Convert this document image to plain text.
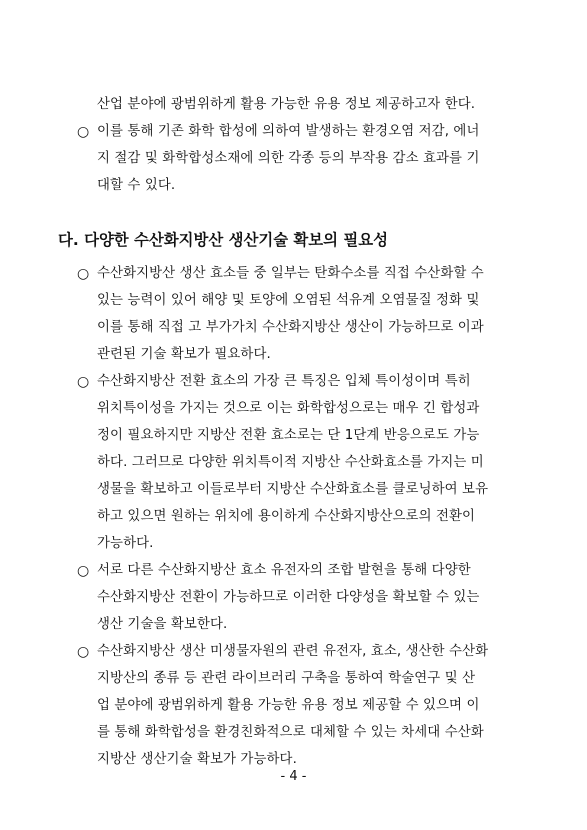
산업 분야에 광범위하게 활용 가능한 유용 정보 제공하고자 한다.
○ 이를 통해 기존 화학 합성에 의하여 발생하는 환경오염 저감, 에너
지 절감 및 화학합성소재에 의한 각종 등의 부작용 감소 효과를 기
대할 수 있다.
다. 다양한 수산화지방산 생산기술 확보의 필요성
○ 수산화지방산 생산 효소들 중 일부는 탄화수소를 직접 수산화할 수
있는 능력이 있어 해양 및 토양에 오염된 석유계 오염물질 정화 및
이를 통해 직접 고 부가가치 수산화지방산 생산이 가능하므로 이과
관련된 기술 확보가 필요하다.
○ 수산화지방산 전환 효소의 가장 큰 특징은 입체 특이성이며 특히
위치특이성을 가지는 것으로 이는 화학합성으로는 매우 긴 합성과
정이 필요하지만 지방산 전환 효소로는 단 1단계 반응으로도 가능
하다. 그러므로 다양한 위치특이적 지방산 수산화효소를 가지는 미
생물을 확보하고 이들로부터 지방산 수산화효소를 클로닝하여 보유
하고 있으면 원하는 위치에 용이하게 수산화지방산으로의 전환이
가능하다.
○ 서로 다른 수산화지방산 효소 유전자의 조합 발현을 통해 다양한
수산화지방산 전환이 가능하므로 이러한 다양성을 확보할 수 있는
생산 기술을 확보한다.
○ 수산화지방산 생산 미생물자원의 관련 유전자, 효소, 생산한 수산화
지방산의 종류 등 관련 라이브러리 구축을 통하여 학술연구 및 산
업 분야에 광범위하게 활용 가능한 유용 정보 제공할 수 있으며 이
를 통해 화학합성을 환경친화적으로 대체할 수 있는 차세대 수산화
지방산 생산기술 확보가 가능하다.
- 4 -
